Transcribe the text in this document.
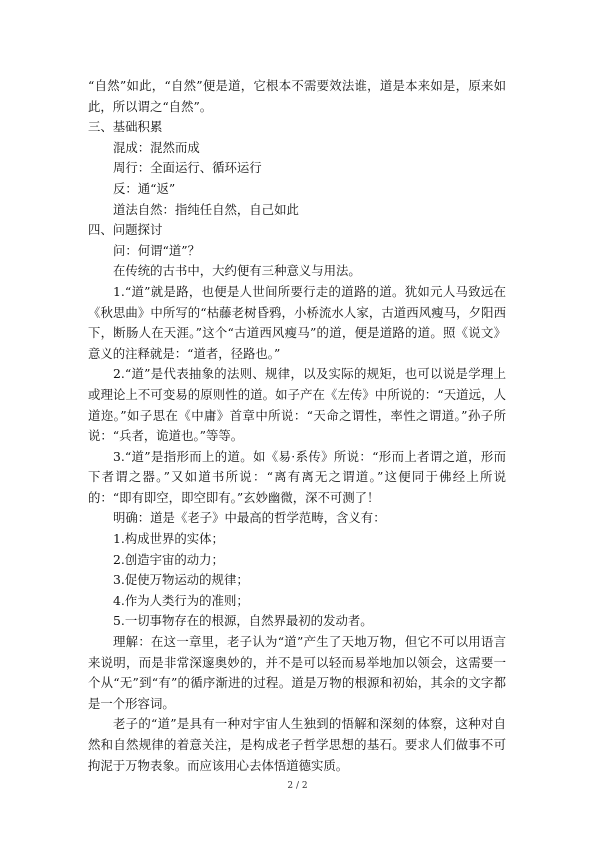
“自然”如此，“自然”便是道，它根本不需要效法谁，道是本来如是，原来如此，所以谓之“自然”。

三、基础积累

混成：混然而成

周行：全面运行、循环运行

反：通“返”

道法自然：指纯任自然，自己如此

四、问题探讨

问：何谓“道”？

在传统的古书中，大约便有三种意义与用法。

1.“道”就是路，也便是人世间所要行走的道路的道。犹如元人马致远在《秋思曲》中所写的“枯藤老树昏鸦，小桥流水人家，古道西风瘦马，夕阳西下，断肠人在天涯。”这个“古道西风瘦马”的道，便是道路的道。照《说文》意义的注释就是：“道者，径路也。”

2.“道”是代表抽象的法则、规律，以及实际的规矩，也可以说是学理上或理论上不可变易的原则性的道。如子产在《左传》中所说的：“天道远，人道迩。”如子思在《中庸》首章中所说：“天命之谓性，率性之谓道。”孙子所说：“兵者，诡道也。”等等。

3.“道”是指形而上的道。如《易·系传》所说：“形而上者谓之道，形而下者谓之器。”又如道书所说：“离有离无之谓道。”这便同于佛经上所说的：“即有即空，即空即有。”玄妙幽微，深不可测了！

明确：道是《老子》中最高的哲学范畴，含义有：

1.构成世界的实体；

2.创造宇宙的动力；

3.促使万物运动的规律；

4.作为人类行为的准则；

5.一切事物存在的根源，自然界最初的发动者。

理解：在这一章里，老子认为“道”产生了天地万物，但它不可以用语言来说明，而是非常深邃奥妙的，并不是可以轻而易举地加以领会，这需要一个从“无”到“有”的循序渐进的过程。道是万物的根源和初始，其余的文字都是一个形容词。

老子的“道”是具有一种对宇宙人生独到的悟解和深刻的体察，这种对自然和自然规律的着意关注，是构成老子哲学思想的基石。要求人们做事不可拘泥于万物表象。而应该用心去体悟道德实质。

2 / 2
